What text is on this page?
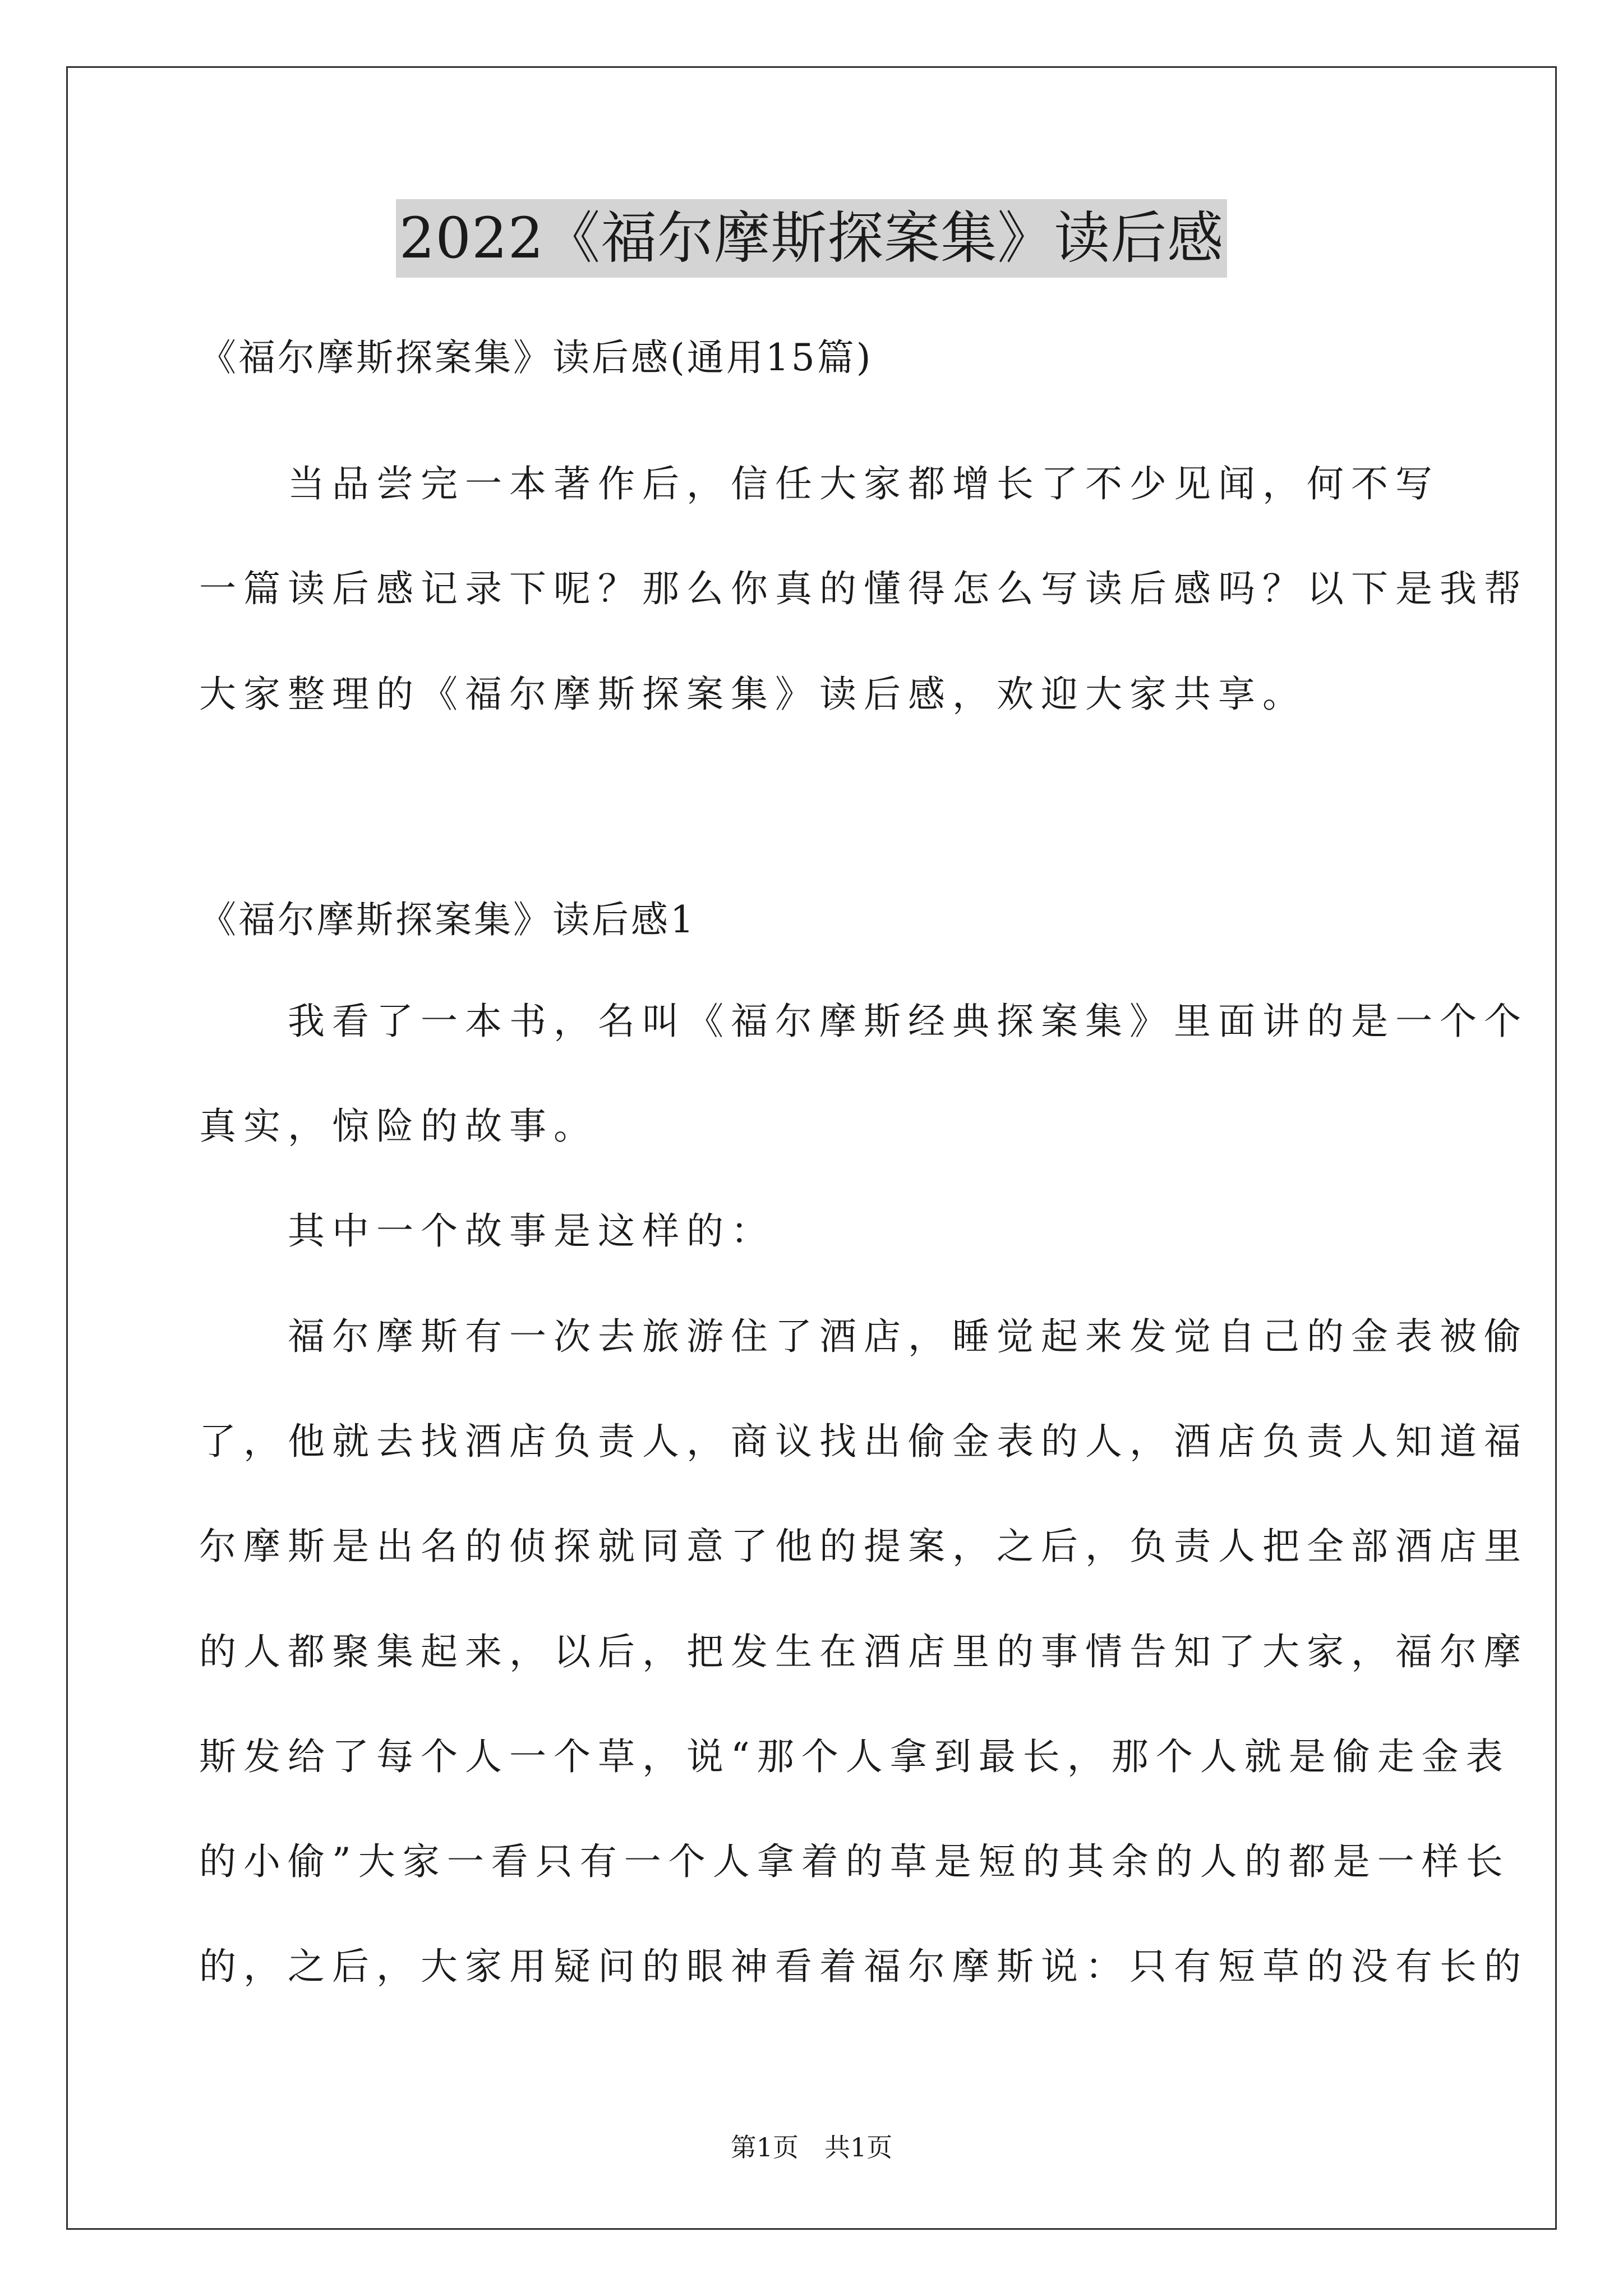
2022《福尔摩斯探案集》读后感
《福尔摩斯探案集》读后感(通用15篇)
　　当品尝完一本著作后，信任大家都增长了不少见闻，何不写
一篇读后感记录下呢？那么你真的懂得怎么写读后感吗？以下是我帮
大家整理的《福尔摩斯探案集》读后感，欢迎大家共享。
《福尔摩斯探案集》读后感1
　　我看了一本书，名叫《福尔摩斯经典探案集》里面讲的是一个个
真实，惊险的故事。
　　其中一个故事是这样的：
　　福尔摩斯有一次去旅游住了酒店，睡觉起来发觉自己的金表被偷
了，他就去找酒店负责人，商议找出偷金表的人，酒店负责人知道福
尔摩斯是出名的侦探就同意了他的提案，之后，负责人把全部酒店里
的人都聚集起来，以后，把发生在酒店里的事情告知了大家，福尔摩
斯发给了每个人一个草，说“那个人拿到最长，那个人就是偷走金表
的小偷”大家一看只有一个人拿着的草是短的其余的人的都是一样长
的，之后，大家用疑问的眼神看着福尔摩斯说：只有短草的没有长的
第1页　共1页
